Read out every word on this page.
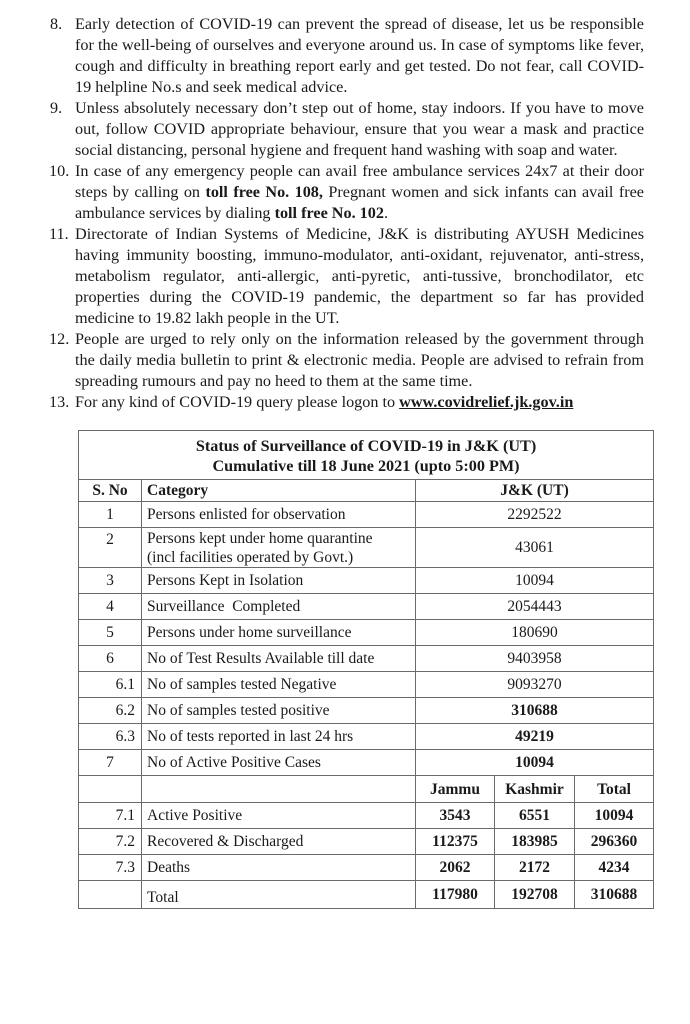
8. Early detection of COVID-19 can prevent the spread of disease, let us be responsible for the well-being of ourselves and everyone around us. In case of symptoms like fever, cough and difficulty in breathing report early and get tested. Do not fear, call COVID-19 helpline No.s and seek medical advice.
9. Unless absolutely necessary don’t step out of home, stay indoors. If you have to move out, follow COVID appropriate behaviour, ensure that you wear a mask and practice social distancing, personal hygiene and frequent hand washing with soap and water.
10. In case of any emergency people can avail free ambulance services 24x7 at their door steps by calling on toll free No. 108, Pregnant women and sick infants can avail free ambulance services by dialing toll free No. 102.
11. Directorate of Indian Systems of Medicine, J&K is distributing AYUSH Medicines having immunity boosting, immuno-modulator, anti-oxidant, rejuvenator, anti-stress, metabolism regulator, anti-allergic, anti-pyretic, anti-tussive, bronchodilator, etc properties during the COVID-19 pandemic, the department so far has provided medicine to 19.82 lakh people in the UT.
12. People are urged to rely only on the information released by the government through the daily media bulletin to print & electronic media. People are advised to refrain from spreading rumours and pay no heed to them at the same time.
13. For any kind of COVID-19 query please logon to www.covidrelief.jk.gov.in
Status of Surveillance of COVID-19 in J&K (UT)
Cumulative till 18 June 2021 (upto 5:00 PM)				

S. No	Category	J&K (UT)		
1	Persons enlisted for observation	2292522		
2	Persons kept under home quarantine
(incl facilities operated by Govt.)	43061		
3	Persons Kept in Isolation	10094		
4	Surveillance  Completed	2054443		
5	Persons under home surveillance	180690		
6	No of Test Results Available till date	9403958		
6.1	No of samples tested Negative	9093270		
6.2	No of samples tested positive	310688		
6.3	No of tests reported in last 24 hrs	49219		
7	No of Active Positive Cases	10094		
		Jammu	Kashmir	Total
7.1	Active Positive	3543	6551	10094
7.2	Recovered & Discharged	112375	183985	296360
7.3	Deaths	2062	2172	4234
	Total	117980	192708	310688
